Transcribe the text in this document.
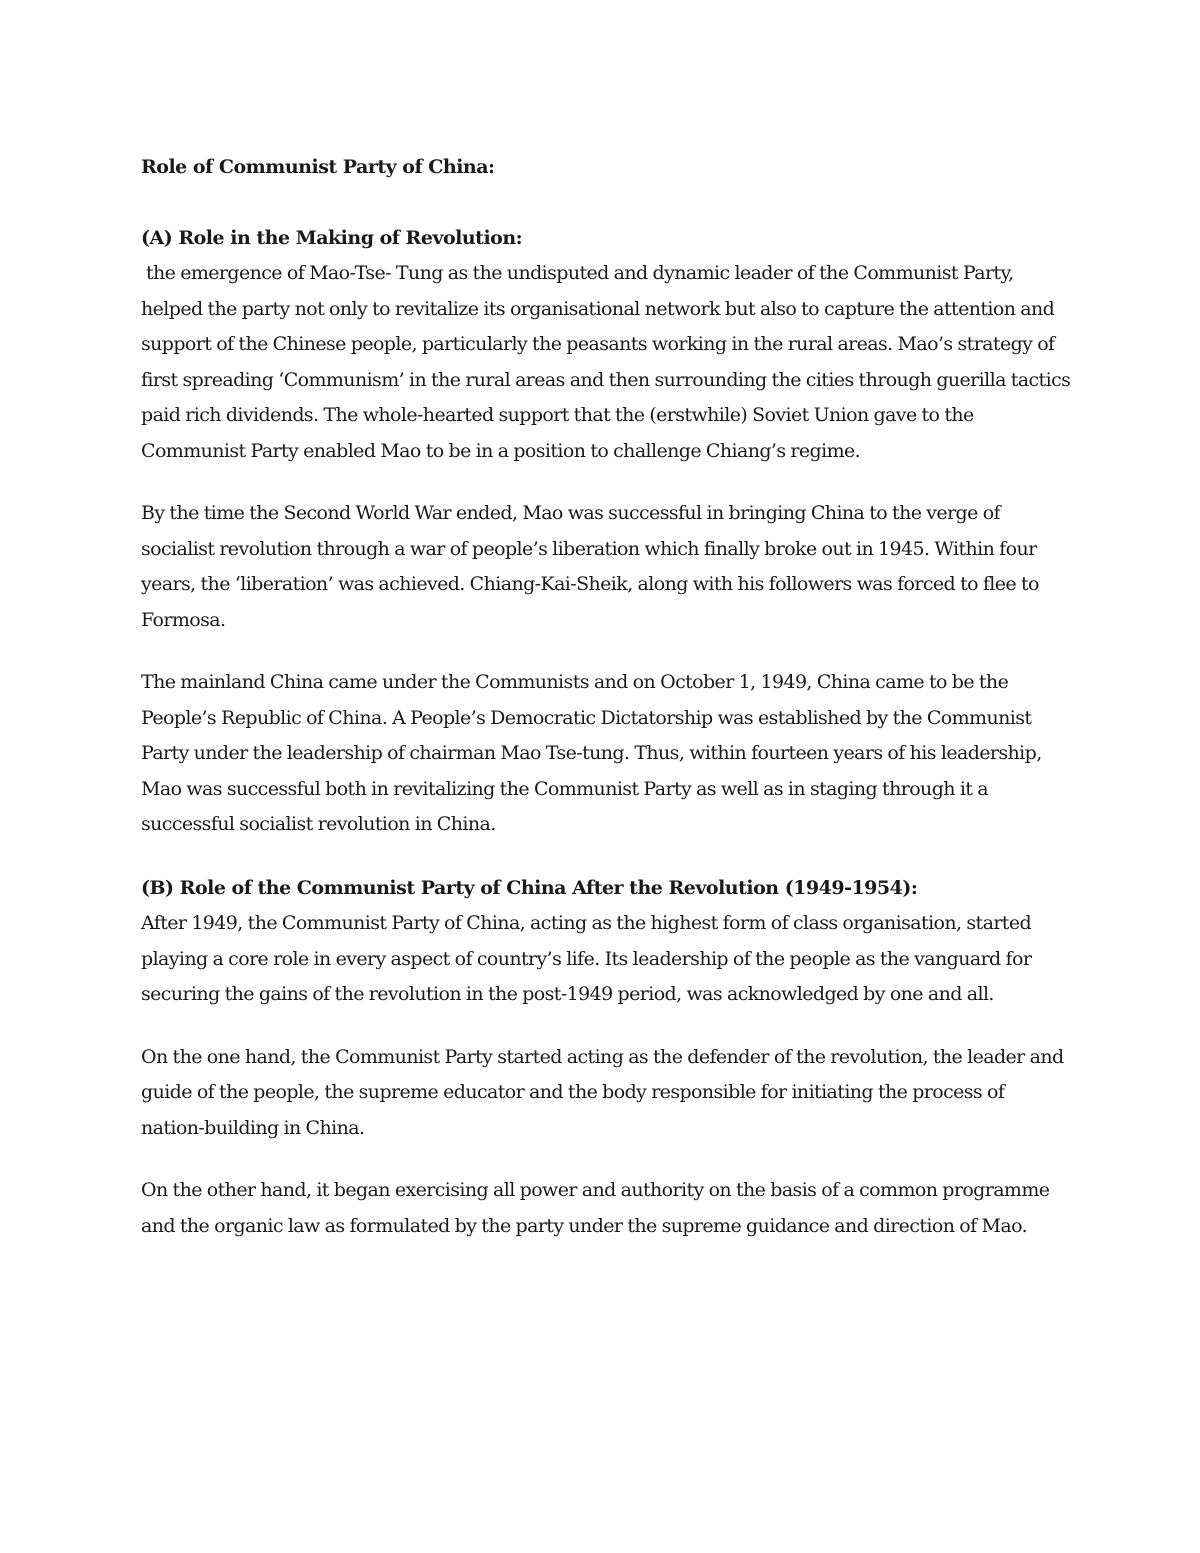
Role of Communist Party of China:
(A) Role in the Making of Revolution:

the emergence of Mao-Tse- Tung as the undisputed and dynamic leader of the Communist Party, helped the party not only to revitalize its organisational network but also to capture the attention and support of the Chinese people, particularly the peasants working in the rural areas. Mao’s strategy of first spreading ‘Communism’ in the rural areas and then surrounding the cities through guerilla tactics paid rich dividends. The whole-hearted support that the (erstwhile) Soviet Union gave to the Communist Party enabled Mao to be in a position to challenge Chiang’s regime.

By the time the Second World War ended, Mao was successful in bringing China to the verge of socialist revolution through a war of people’s liberation which finally broke out in 1945. Within four years, the ‘liberation’ was achieved. Chiang-Kai-Sheik, along with his followers was forced to flee to Formosa.

The mainland China came under the Communists and on October 1, 1949, China came to be the People’s Republic of China. A People’s Democratic Dictatorship was established by the Communist Party under the leadership of chairman Mao Tse-tung. Thus, within fourteen years of his leadership, Mao was successful both in revitalizing the Communist Party as well as in staging through it a successful socialist revolution in China.

(B) Role of the Communist Party of China After the Revolution (1949-1954):

After 1949, the Communist Party of China, acting as the highest form of class organisation, started playing a core role in every aspect of country’s life. Its leadership of the people as the vanguard for securing the gains of the revolution in the post-1949 period, was acknowledged by one and all.

On the one hand, the Communist Party started acting as the defender of the revolution, the leader and guide of the people, the supreme educator and the body responsible for initiating the process of nation-building in China.

On the other hand, it began exercising all power and authority on the basis of a common programme and the organic law as formulated by the party under the supreme guidance and direction of Mao.
